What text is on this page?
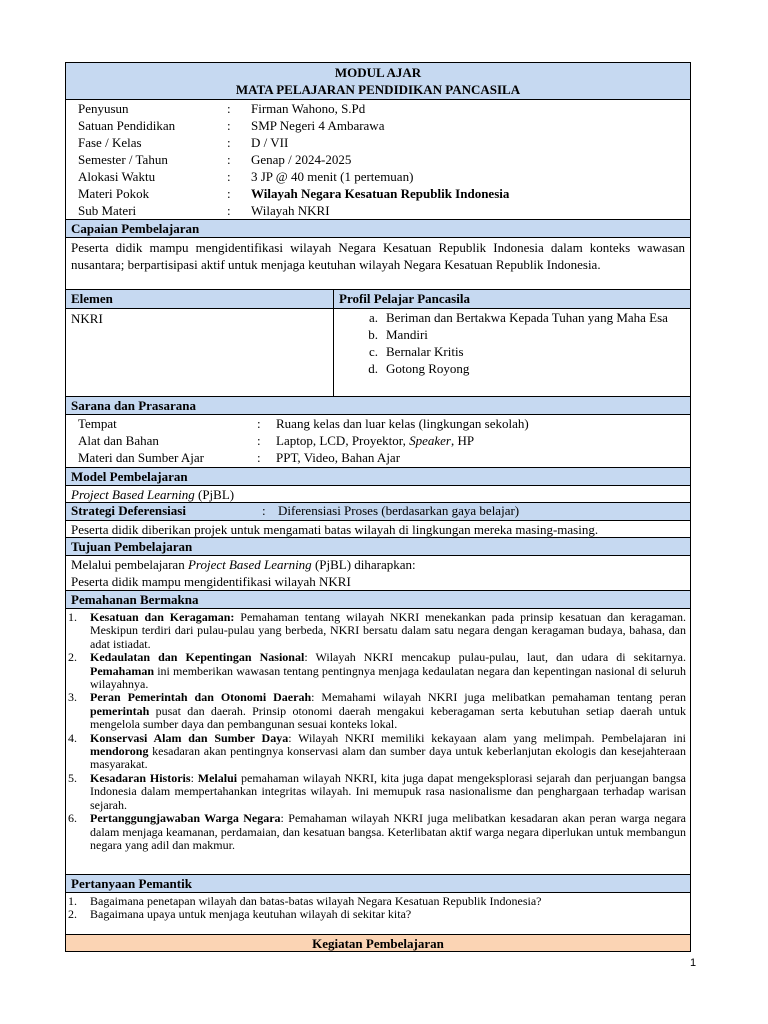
MODUL AJAR
MATA PELAJARAN PENDIDIKAN PANCASILA
Penyusun	:	Firman Wahono, S.Pd
Satuan Pendidikan	:	SMP Negeri 4 Ambarawa
Fase / Kelas	:	D / VII
Semester / Tahun	:	Genap / 2024-2025
Alokasi Waktu	:	3 JP @ 40 menit (1 pertemuan)
Materi Pokok	:	Wilayah Negara Kesatuan Republik Indonesia
Sub Materi	:	Wilayah NKRI
Capaian Pembelajaran
Peserta didik mampu mengidentifikasi wilayah Negara Kesatuan Republik Indonesia dalam konteks wawasan nusantara; berpartisipasi aktif untuk menjaga keutuhan wilayah Negara Kesatuan Republik Indonesia.
Elemen	Profil Pelajar Pancasila
NKRI	a. Beriman dan Bertakwa Kepada Tuhan yang Maha Esa
b. Mandiri
c. Bernalar Kritis
d. Gotong Royong
Sarana dan Prasarana
Tempat	:	Ruang kelas dan luar kelas (lingkungan sekolah)
Alat dan Bahan	:	Laptop, LCD, Proyektor, Speaker, HP
Materi dan Sumber Ajar	:	PPT, Video, Bahan Ajar
Model Pembelajaran
Project Based Learning (PjBL)
Strategi Deferensiasi	: Diferensiasi Proses (berdasarkan gaya belajar)
Peserta didik diberikan projek untuk mengamati batas wilayah di lingkungan mereka masing-masing.
Tujuan Pembelajaran
Melalui pembelajaran Project Based Learning (PjBL) diharapkan:
Peserta didik mampu mengidentifikasi wilayah NKRI
Pemahanan Bermakna
1.	Kesatuan dan Keragaman: Pemahaman tentang wilayah NKRI menekankan pada prinsip kesatuan dan keragaman. Meskipun terdiri dari pulau-pulau yang berbeda, NKRI bersatu dalam satu negara dengan keragaman budaya, bahasa, dan adat istiadat.
2.	Kedaulatan dan Kepentingan Nasional: Wilayah NKRI mencakup pulau-pulau, laut, dan udara di sekitarnya. Pemahaman ini memberikan wawasan tentang pentingnya menjaga kedaulatan negara dan kepentingan nasional di seluruh wilayahnya.
3.	Peran Pemerintah dan Otonomi Daerah: Memahami wilayah NKRI juga melibatkan pemahaman tentang peran pemerintah pusat dan daerah. Prinsip otonomi daerah mengakui keberagaman serta kebutuhan setiap daerah untuk mengelola sumber daya dan pembangunan sesuai konteks lokal.
4.	Konservasi Alam dan Sumber Daya: Wilayah NKRI memiliki kekayaan alam yang melimpah. Pembelajaran ini mendorong kesadaran akan pentingnya konservasi alam dan sumber daya untuk keberlanjutan ekologis dan kesejahteraan masyarakat.
5.	Kesadaran Historis: Melalui pemahaman wilayah NKRI, kita juga dapat mengeksplorasi sejarah dan perjuangan bangsa Indonesia dalam mempertahankan integritas wilayah. Ini memupuk rasa nasionalisme dan penghargaan terhadap warisan sejarah.
6.	Pertanggungjawaban Warga Negara: Pemahaman wilayah NKRI juga melibatkan kesadaran akan peran warga negara dalam menjaga keamanan, perdamaian, dan kesatuan bangsa. Keterlibatan aktif warga negara diperlukan untuk membangun negara yang adil dan makmur.
Pertanyaan Pemantik
1.	Bagaimana penetapan wilayah dan batas-batas wilayah Negara Kesatuan Republik Indonesia?
2.	Bagaimana upaya untuk menjaga keutuhan wilayah di sekitar kita?
Kegiatan Pembelajaran
1
